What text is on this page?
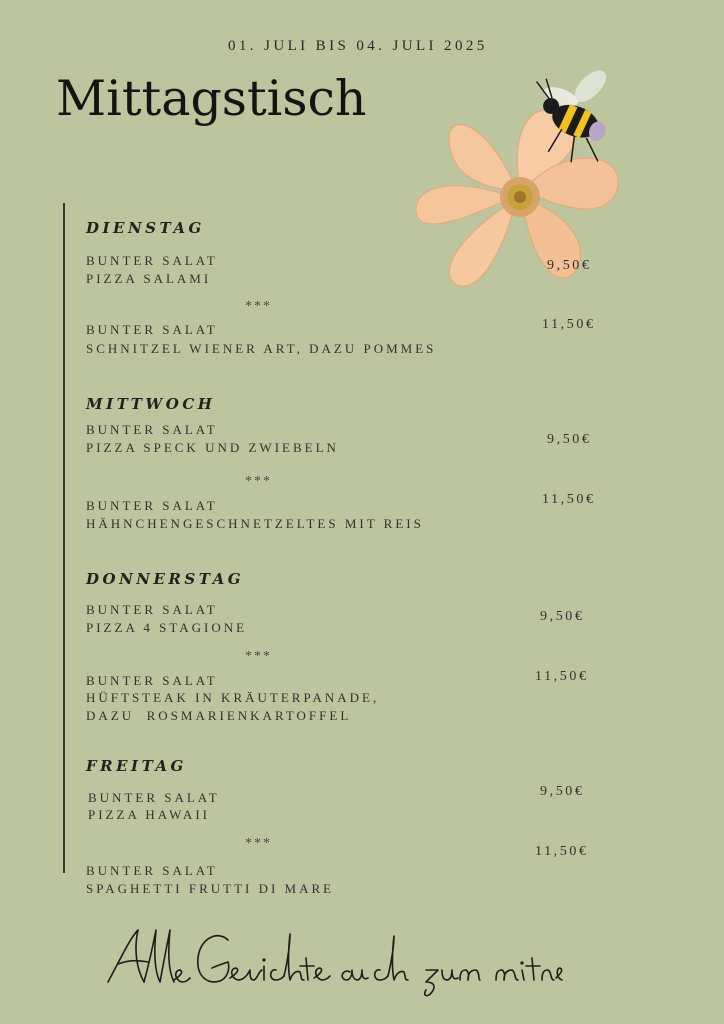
01. JULI BIS 04. JULI 2025
Mittagstisch
DIENSTAG
BUNTER SALAT
PIZZA SALAMI
9,50€
***
BUNTER SALAT
SCHNITZEL WIENER ART, DAZU POMMES
11,50€
MITTWOCH
BUNTER SALAT
PIZZA SPECK UND ZWIEBELN
9,50€
***
BUNTER SALAT
HÄHNCHENGESCHNETZELTES MIT REIS
11,50€
DONNERSTAG
BUNTER SALAT
PIZZA 4 STAGIONE
9,50€
***
BUNTER SALAT
HÜFTSTEAK IN KRÄUTERPANADE,
DAZU  ROSMARIENKARTOFFEL
11,50€
FREITAG
BUNTER SALAT
PIZZA HAWAII
9,50€
***
BUNTER SALAT
SPAGHETTI FRUTTI DI MARE
11,50€
